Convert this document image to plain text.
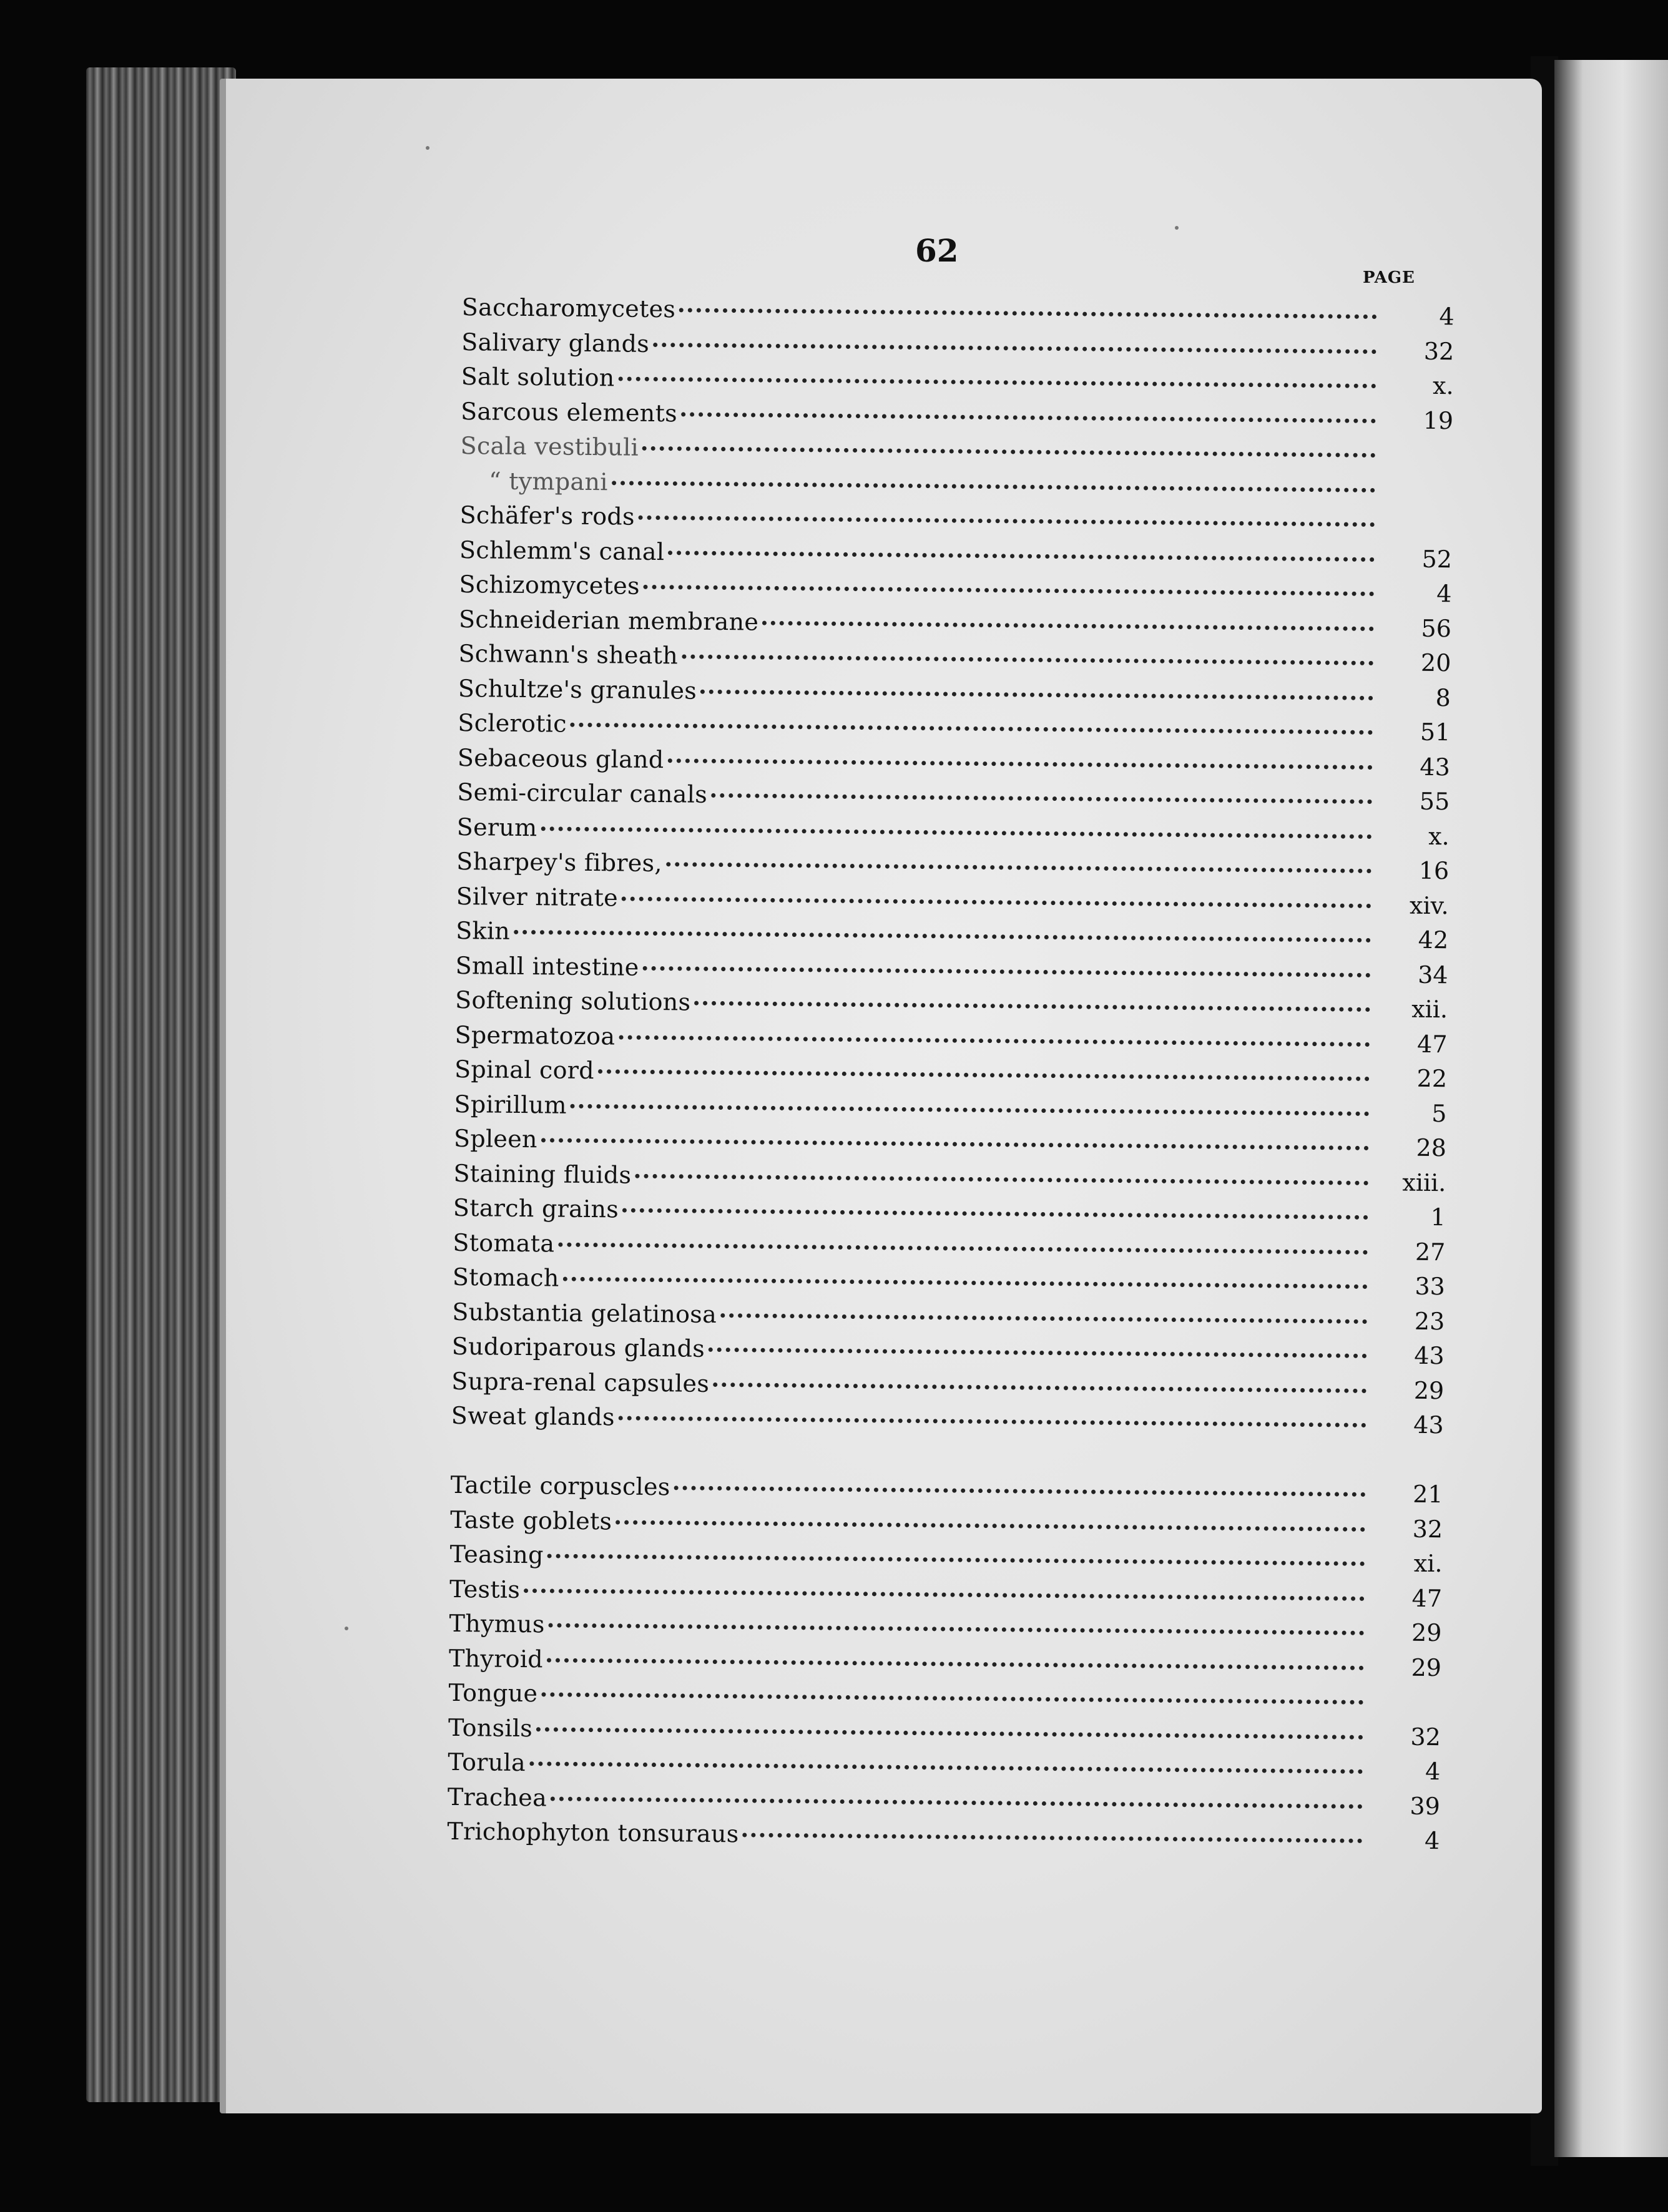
62
PAGE
Saccharomycetes	4
Salivary glands	32
Salt solution	x.
Sarcous elements	19
Scala vestibuli
“ tympani
Schäfer's rods
Schlemm's canal	52
Schizomycetes	4
Schneiderian membrane	56
Schwann's sheath	20
Schultze's granules	8
Sclerotic	51
Sebaceous gland	43
Semi-circular canals	55
Serum	x.
Sharpey's fibres,	16
Silver nitrate	xiv.
Skin	42
Small intestine	34
Softening solutions	xii.
Spermatozoa	47
Spinal cord	22
Spirillum	5
Spleen	28
Staining fluids	xiii.
Starch grains	1
Stomata	27
Stomach	33
Substantia gelatinosa	23
Sudoriparous glands	43
Supra-renal capsules	29
Sweat glands	43
Tactile corpuscles	21
Taste goblets	32
Teasing	xi.
Testis	47
Thymus	29
Thyroid	29
Tongue
Tonsils	32
Torula	4
Trachea	39
Trichophyton tonsuraus	4
